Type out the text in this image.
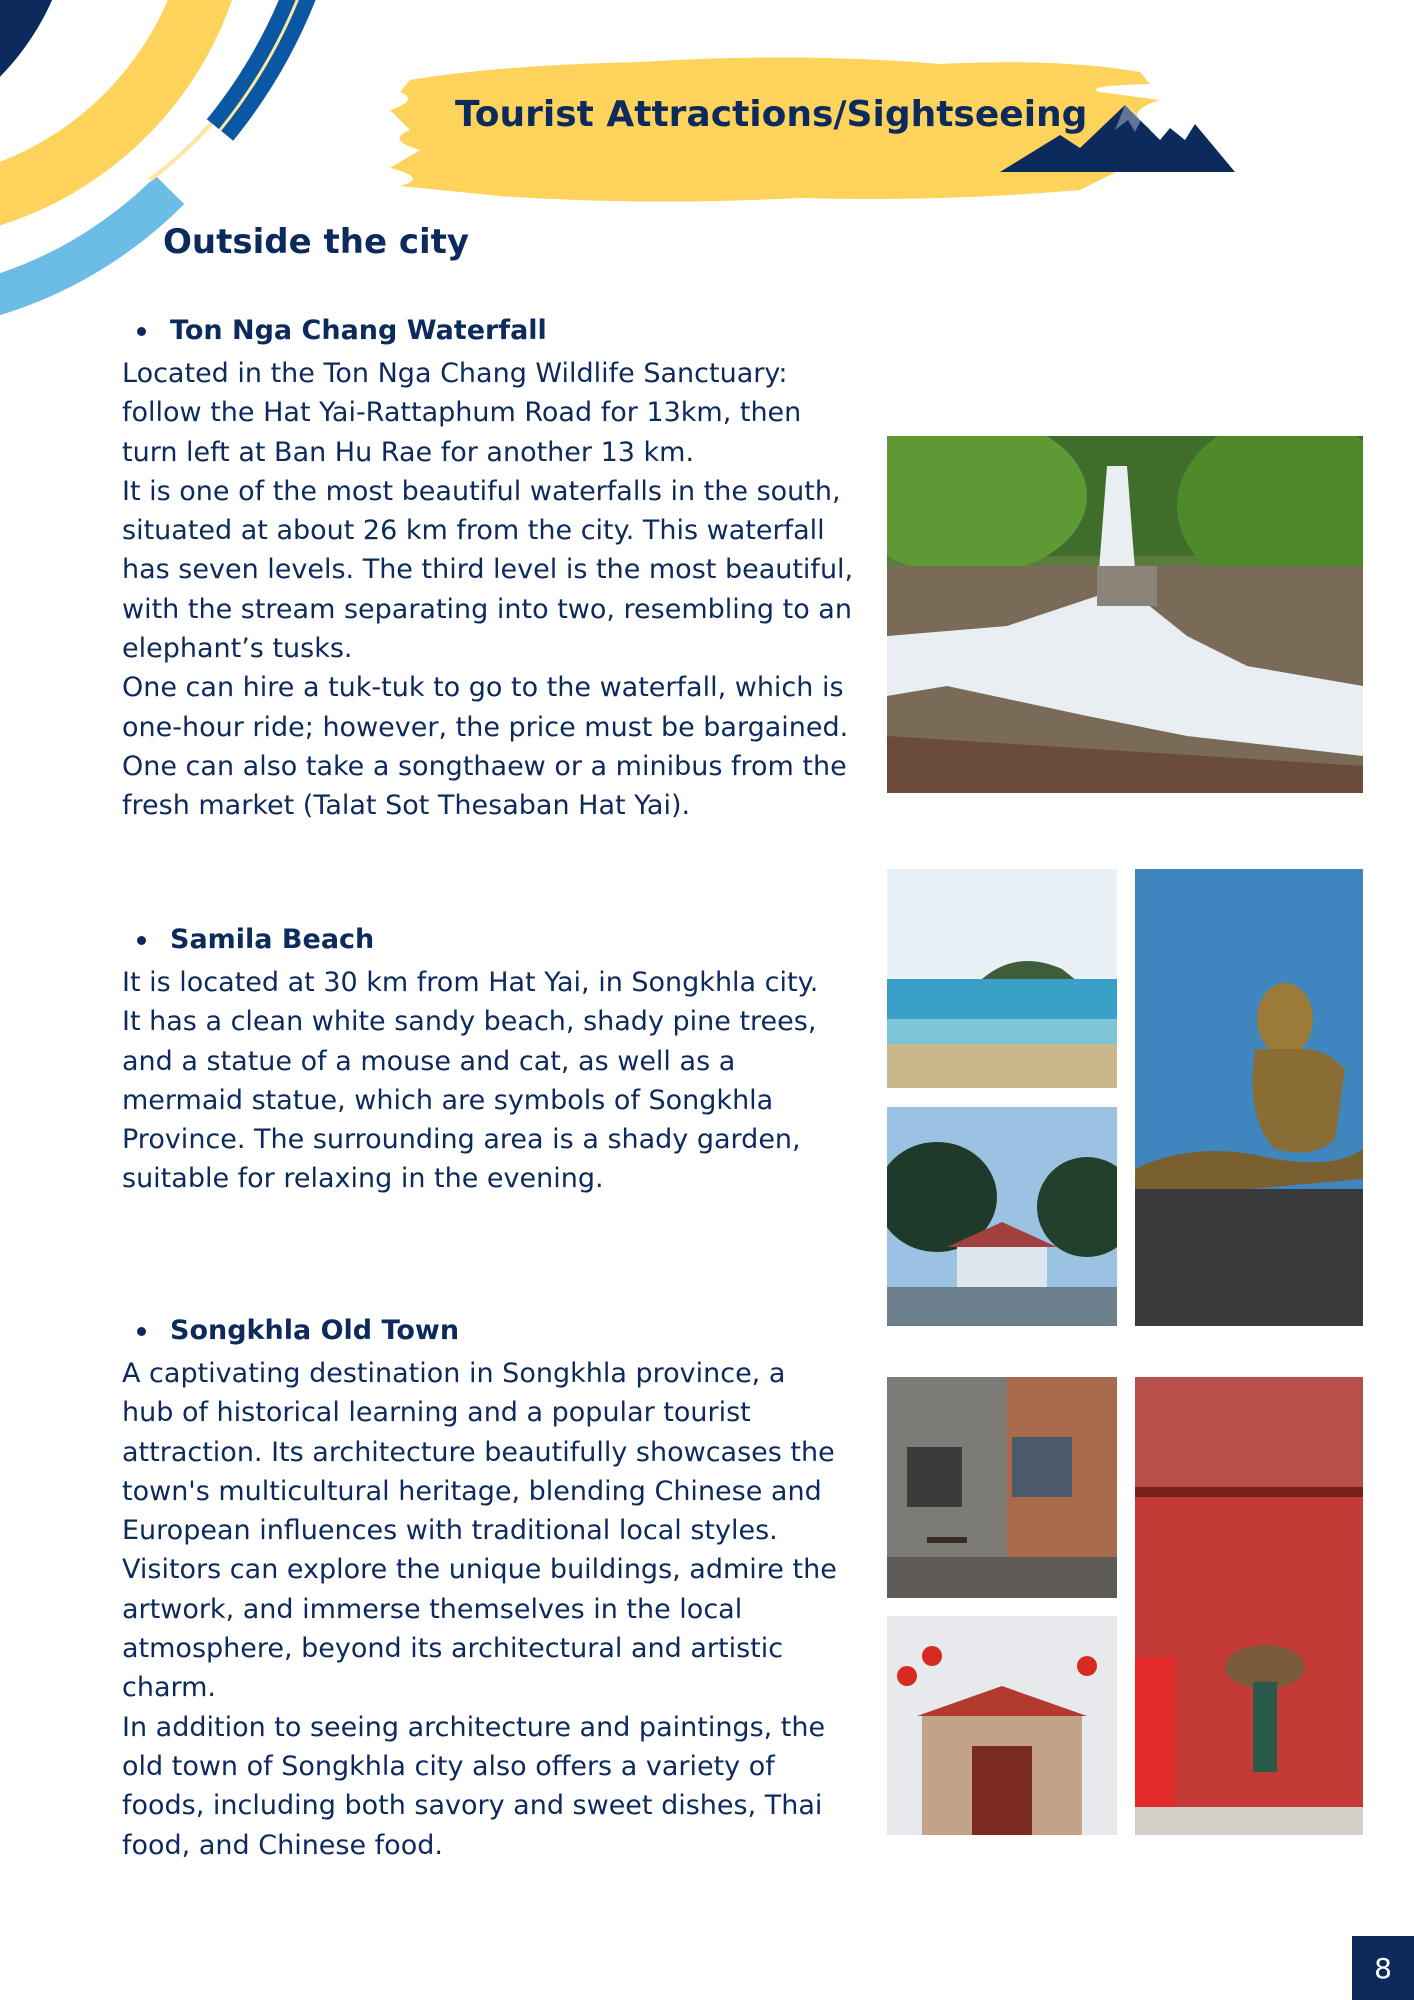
Tourist Attractions/Sightseeing
Outside the city
Ton Nga Chang Waterfall

Located in the Ton Nga Chang Wildlife Sanctuary: follow the Hat Yai-Rattaphum Road for 13km, then turn left at Ban Hu Rae for another 13 km.

It is one of the most beautiful waterfalls in the south, situated at about 26 km from the city. This waterfall has seven levels. The third level is the most beautiful, with the stream separating into two, resembling to an elephant’s tusks.

One can hire a tuk-tuk to go to the waterfall, which is one-hour ride; however, the price must be bargained. One can also take a songthaew or a minibus from the fresh market (Talat Sot Thesaban Hat Yai).

Samila Beach

It is located at 30 km from Hat Yai, in Songkhla city. It has a clean white sandy beach, shady pine trees, and a statue of a mouse and cat, as well as a mermaid statue, which are symbols of Songkhla Province. The surrounding area is a shady garden, suitable for relaxing in the evening.

Songkhla Old Town

A captivating destination in Songkhla province, a hub of historical learning and a popular tourist attraction. Its architecture beautifully showcases the town's multicultural heritage, blending Chinese and European influences with traditional local styles. Visitors can explore the unique buildings, admire the artwork, and immerse themselves in the local atmosphere, beyond its architectural and artistic charm.

In addition to seeing architecture and paintings, the old town of Songkhla city also offers a variety of foods, including both savory and sweet dishes, Thai food, and Chinese food.

8
